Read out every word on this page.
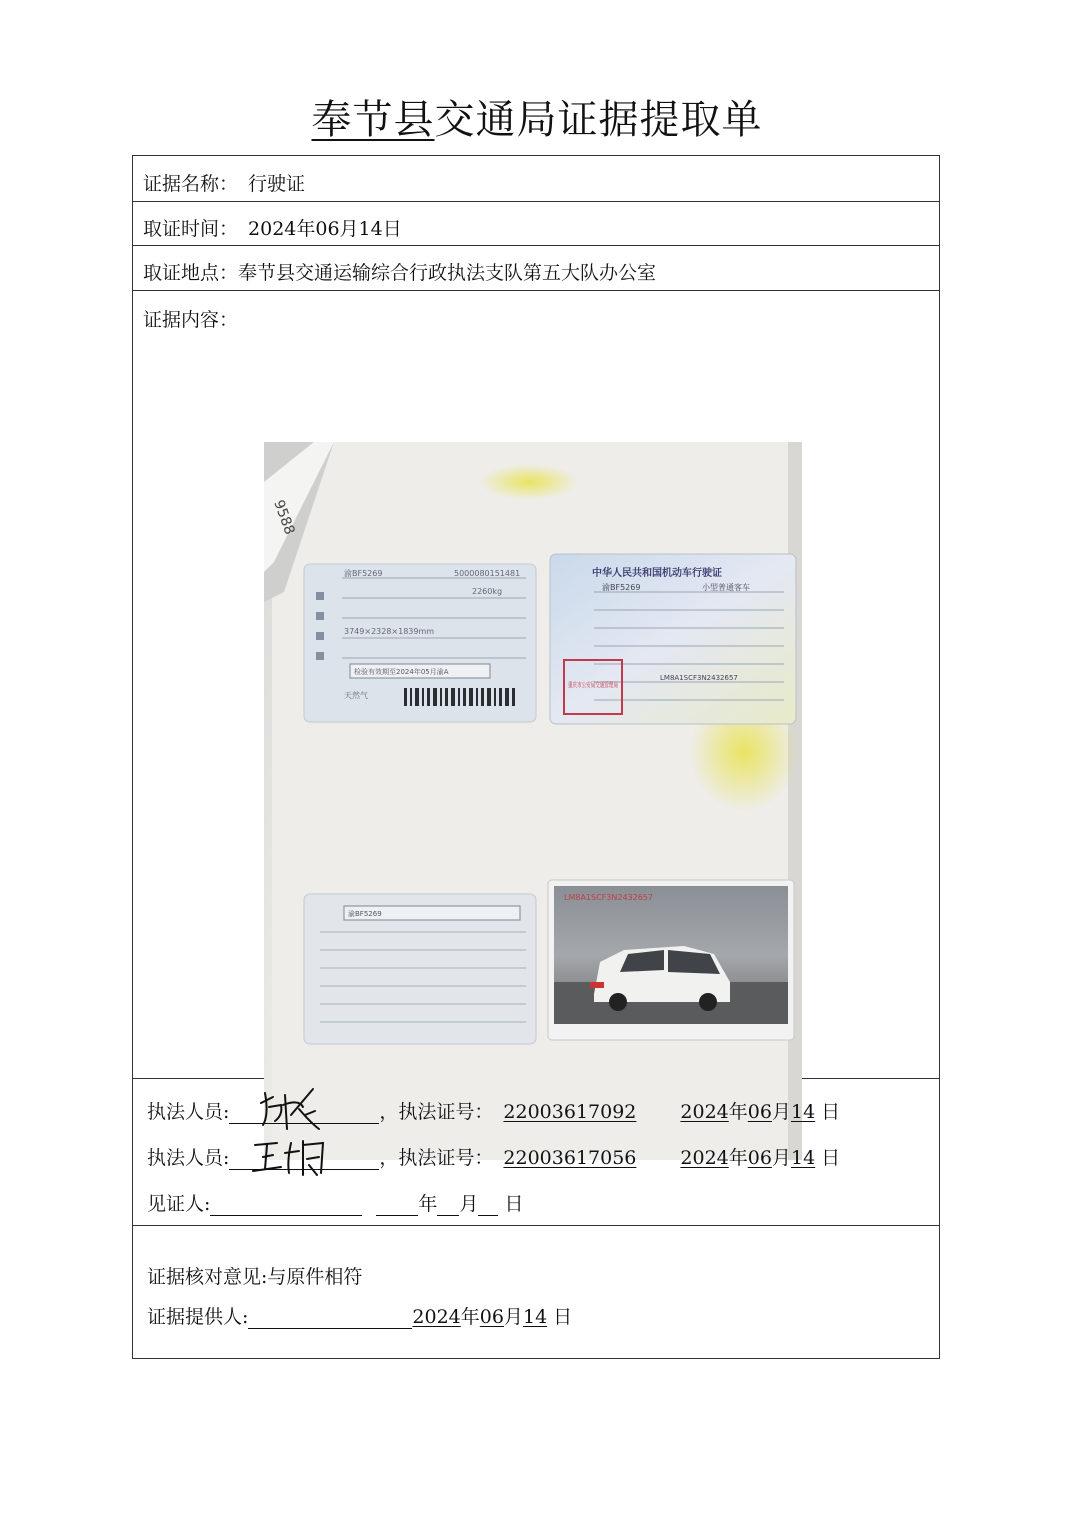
奉节县交通局证据提取单
证据名称： 行驶证
取证时间： 2024年06月14日
取证地点：奉节县交通运输综合行政执法支队第五大队办公室
证据内容：
9588
渝BF5269	5000080151481
2260kg
3749×2328×1839mm
检验有效期至2024年05月渝A
天然气
中华人民共和国机动车行驶证
渝BF5269	小型普通客车
LM8A1SCF3N2432657
重庆市公安局交通管理局
渝BF5269
LM8A1SCF3N2432657
执法人员:	，执法证号： 22003617092 2024年06月14 日
执法人员:	，执法证号： 22003617056 2024年06月14 日
见证人:	年 月 日
证据核对意见:与原件相符
证据提供人:	2024年06月14 日
